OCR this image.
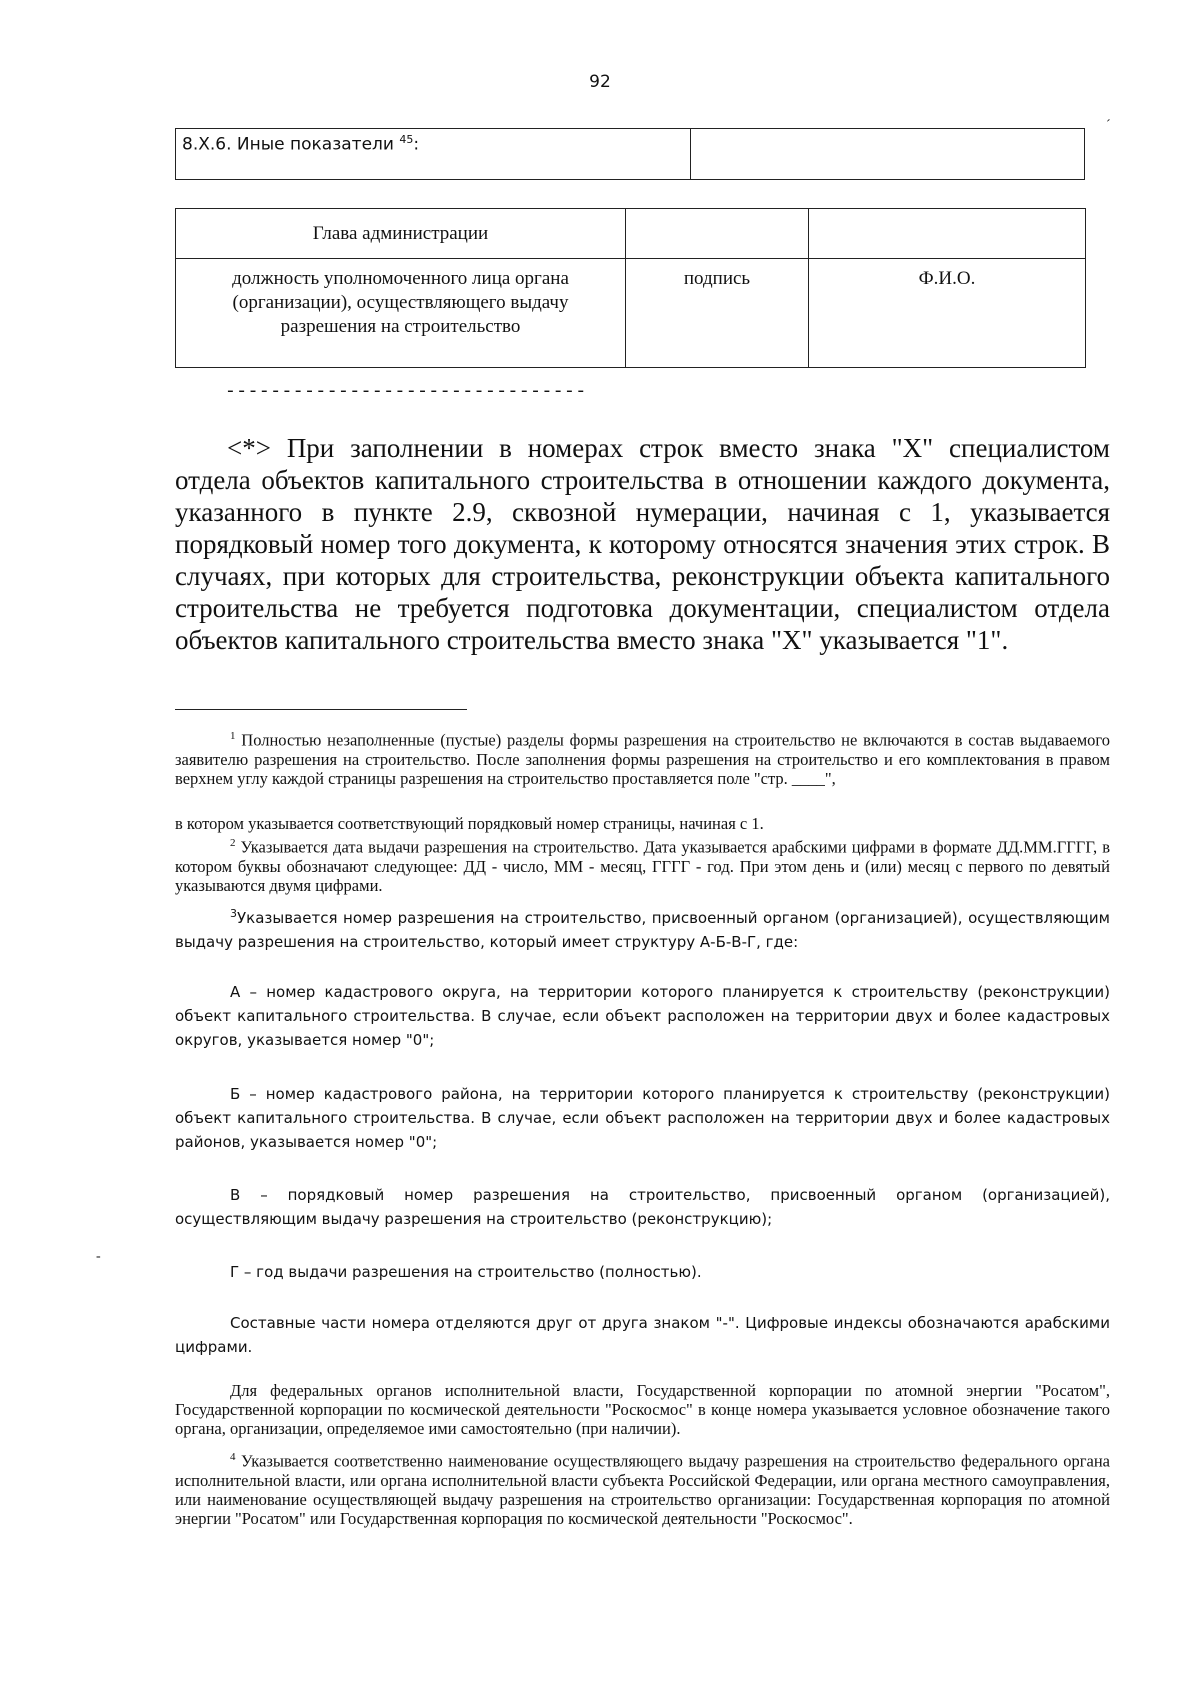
92
´
8.X.6. Иные показатели $^{45}$:
Глава администрации		
должность уполномоченного лица органа (организации), осуществляющего выдачу разрешения на строительство	подпись	Ф.И.О.
--------------------------------
<*> При заполнении в номерах строк вместо знака "X" специалистом отдела объектов капитального строительства в отношении каждого документа, указанного в пункте 2.9, сквозной нумерации, начиная с 1, указывается порядковый номер того документа, к которому относятся значения этих строк. В случаях, при которых для строительства, реконструкции объекта капитального строительства не требуется подготовка документации, специалистом отдела объектов капитального строительства вместо знака "X" указывается "1".
$^1$ Полностью незаполненные (пустые) разделы формы разрешения на строительство не включаются в состав выдаваемого заявителю разрешения на строительство. После заполнения формы разрешения на строительство и его комплектования в правом верхнем углу каждой страницы разрешения на строительство проставляется поле "стр. ____",
в котором указывается соответствующий порядковый номер страницы, начиная с 1.
$^2$ Указывается дата выдачи разрешения на строительство. Дата указывается арабскими цифрами в формате ДД.ММ.ГГГГ, в котором буквы обозначают следующее: ДД - число, ММ - месяц, ГГГГ - год. При этом день и (или) месяц с первого по девятый указываются двумя цифрами.
$^3$Указывается номер разрешения на строительство, присвоенный органом (организацией), осуществляющим выдачу разрешения на строительство, который имеет структуру А-Б-В-Г, где:
А – номер кадастрового округа, на территории которого планируется к строительству (реконструкции) объект капитального строительства. В случае, если объект расположен на территории двух и более кадастровых округов, указывается номер "0";
Б – номер кадастрового района, на территории которого планируется к строительству (реконструкции) объект капитального строительства. В случае, если объект расположен на территории двух и более кадастровых районов, указывается номер "0";
В – порядковый номер разрешения на строительство, присвоенный органом (организацией), осуществляющим выдачу разрешения на строительство (реконструкцию);
Г – год выдачи разрешения на строительство (полностью).
Составные части номера отделяются друг от друга знаком "-". Цифровые индексы обозначаются арабскими цифрами.
Для федеральных органов исполнительной власти, Государственной корпорации по атомной энергии "Росатом", Государственной корпорации по космической деятельности "Роскосмос" в конце номера указывается условное обозначение такого органа, организации, определяемое ими самостоятельно (при наличии).
$^4$ Указывается соответственно наименование осуществляющего выдачу разрешения на строительство федерального органа исполнительной власти, или органа исполнительной власти субъекта Российской Федерации, или органа местного самоуправления, или наименование осуществляющей выдачу разрешения на строительство организации: Государственная корпорация по атомной энергии "Росатом" или Государственная корпорация по космической деятельности "Роскосмос".
-
